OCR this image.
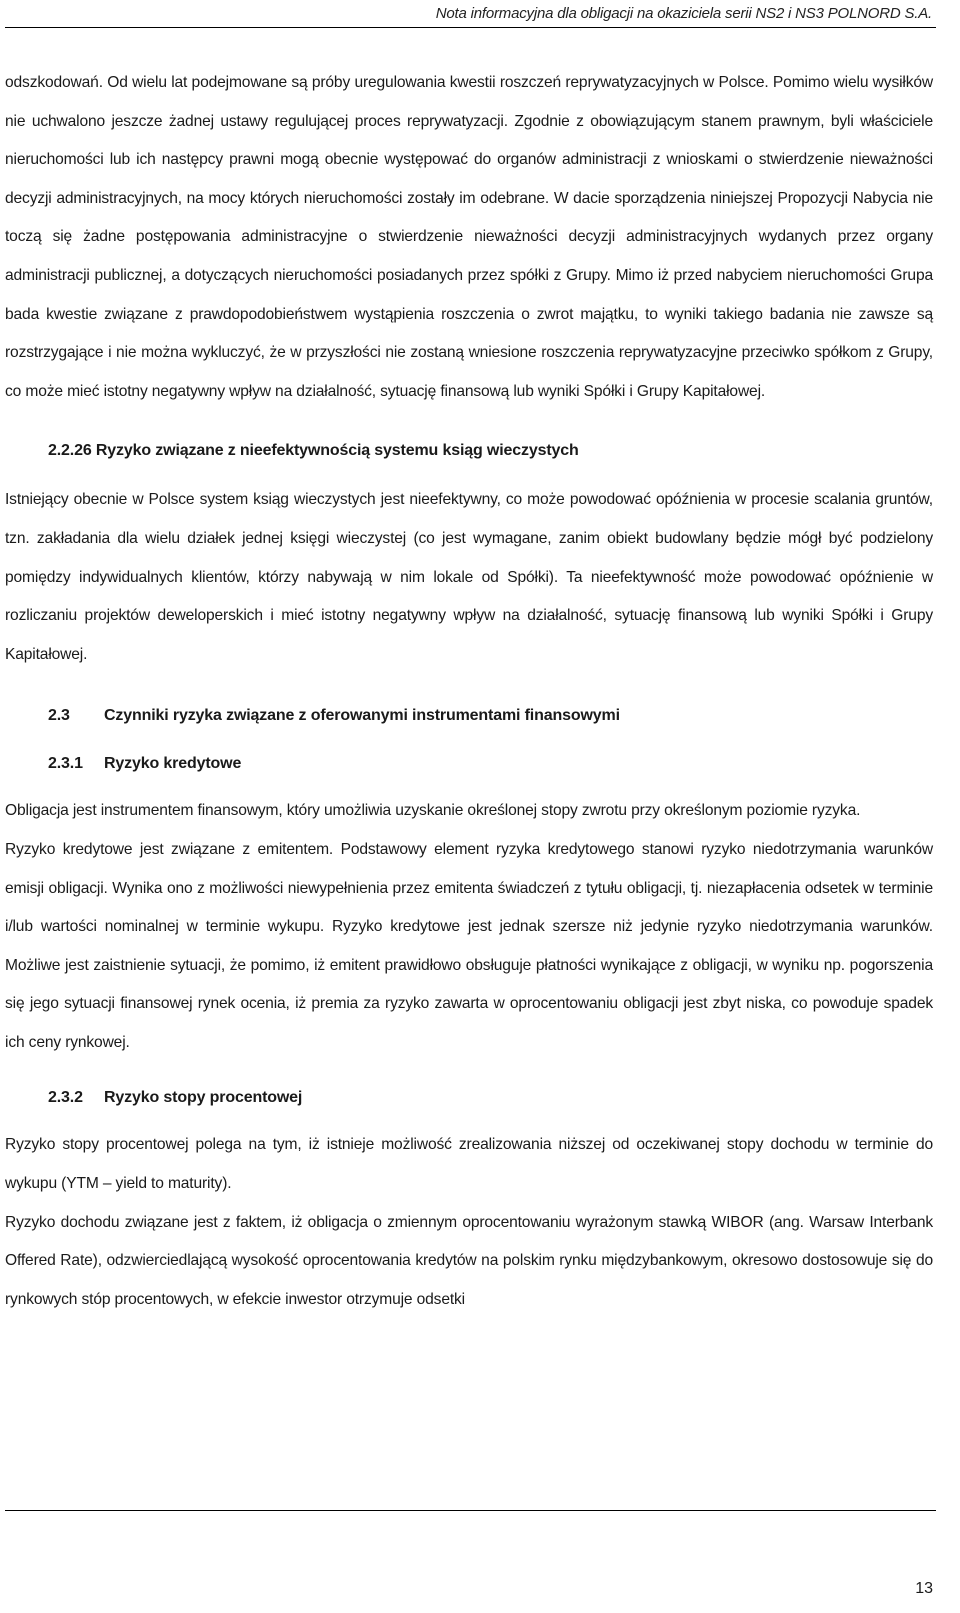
Nota informacyjna dla obligacji na okaziciela serii NS2 i NS3 POLNORD S.A.

odszkodowań. Od wielu lat podejmowane są próby uregulowania kwestii roszczeń reprywatyzacyjnych w Polsce. Pomimo wielu wysiłków nie uchwalono jeszcze żadnej ustawy regulującej proces reprywatyzacji. Zgodnie z obowiązującym stanem prawnym, byli właściciele nieruchomości lub ich następcy prawni mogą obecnie występować do organów administracji z wnioskami o stwierdzenie nieważności decyzji administracyjnych, na mocy których nieruchomości zostały im odebrane. W dacie sporządzenia niniejszej Propozycji Nabycia nie toczą się żadne postępowania administracyjne o stwierdzenie nieważności decyzji administracyjnych wydanych przez organy administracji publicznej, a dotyczących nieruchomości posiadanych przez spółki z Grupy. Mimo iż przed nabyciem nieruchomości Grupa bada kwestie związane z prawdopodobieństwem wystąpienia roszczenia o zwrot majątku, to wyniki takiego badania nie zawsze są rozstrzygające i nie można wykluczyć, że w przyszłości nie zostaną wniesione roszczenia reprywatyzacyjne przeciwko spółkom z Grupy, co może mieć istotny negatywny wpływ na działalność, sytuację finansową lub wyniki Spółki i Grupy Kapitałowej.

2.2.26 Ryzyko związane z nieefektywnością systemu ksiąg wieczystych

Istniejący obecnie w Polsce system ksiąg wieczystych jest nieefektywny, co może powodować opóźnienia w procesie scalania gruntów, tzn. zakładania dla wielu działek jednej księgi wieczystej (co jest wymagane, zanim obiekt budowlany będzie mógł być podzielony pomiędzy indywidualnych klientów, którzy nabywają w nim lokale od Spółki). Ta nieefektywność może powodować opóźnienie w rozliczaniu projektów deweloperskich i mieć istotny negatywny wpływ na działalność, sytuację finansową lub wyniki Spółki i Grupy Kapitałowej.

2.3	Czynniki ryzyka związane z oferowanymi instrumentami finansowymi
2.3.1	Ryzyko kredytowe

Obligacja jest instrumentem finansowym, który umożliwia uzyskanie określonej stopy zwrotu przy określonym poziomie ryzyka.

Ryzyko kredytowe jest związane z emitentem. Podstawowy element ryzyka kredytowego stanowi ryzyko niedotrzymania warunków emisji obligacji. Wynika ono z możliwości niewypełnienia przez emitenta świadczeń z tytułu obligacji, tj. niezapłacenia odsetek w terminie i/lub wartości nominalnej w terminie wykupu. Ryzyko kredytowe jest jednak szersze niż jedynie ryzyko niedotrzymania warunków. Możliwe jest zaistnienie sytuacji, że pomimo, iż emitent prawidłowo obsługuje płatności wynikające z obligacji, w wyniku np. pogorszenia się jego sytuacji finansowej rynek ocenia, iż premia za ryzyko zawarta w oprocentowaniu obligacji jest zbyt niska, co powoduje spadek ich ceny rynkowej.

2.3.2	Ryzyko stopy procentowej

Ryzyko stopy procentowej polega na tym, iż istnieje możliwość zrealizowania niższej od oczekiwanej stopy dochodu w terminie do wykupu (YTM – yield to maturity).

Ryzyko dochodu związane jest z faktem, iż obligacja o zmiennym oprocentowaniu wyrażonym stawką WIBOR (ang. Warsaw Interbank Offered Rate), odzwierciedlającą wysokość oprocentowania kredytów na polskim rynku międzybankowym, okresowo dostosowuje się do rynkowych stóp procentowych, w efekcie inwestor otrzymuje odsetki

13
